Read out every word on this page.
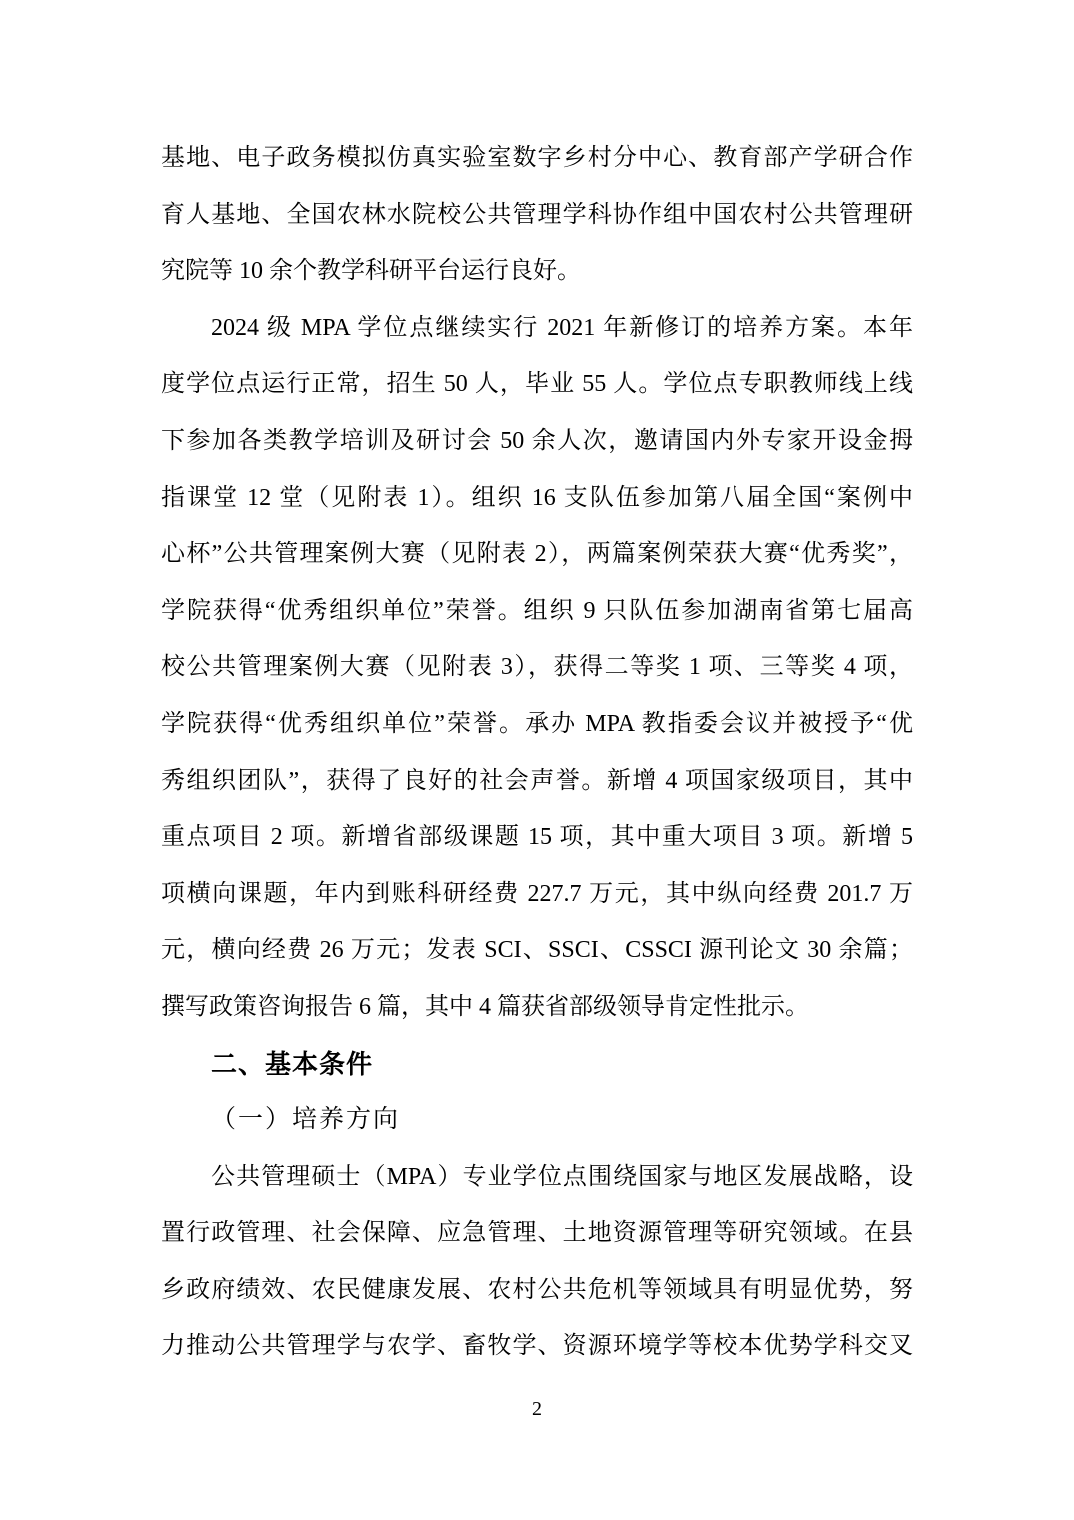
基地、电子政务模拟仿真实验室数字乡村分中心、教育部产学研合作
育人基地、全国农林水院校公共管理学科协作组中国农村公共管理研
究院等 10 余个教学科研平台运行良好。
2024 级 MPA 学位点继续实行 2021 年新修订的培养方案。本年
度学位点运行正常，招生 50 人，毕业 55 人。学位点专职教师线上线
下参加各类教学培训及研讨会 50 余人次，邀请国内外专家开设金拇
指课堂 12 堂（见附表 1）。组织 16 支队伍参加第八届全国“案例中
心杯”公共管理案例大赛（见附表 2），两篇案例荣获大赛“优秀奖”，
学院获得“优秀组织单位”荣誉。组织 9 只队伍参加湖南省第七届高
校公共管理案例大赛（见附表 3），获得二等奖 1 项、三等奖 4 项，
学院获得“优秀组织单位”荣誉。承办 MPA 教指委会议并被授予“优
秀组织团队”，获得了良好的社会声誉。新增 4 项国家级项目，其中
重点项目 2 项。新增省部级课题 15 项，其中重大项目 3 项。新增 5
项横向课题，年内到账科研经费 227.7 万元，其中纵向经费 201.7 万
元，横向经费 26 万元；发表 SCI、SSCI、CSSCI 源刊论文 30 余篇；
撰写政策咨询报告 6 篇，其中 4 篇获省部级领导肯定性批示。
二、基本条件
（一）培养方向
公共管理硕士（MPA）专业学位点围绕国家与地区发展战略，设
置行政管理、社会保障、应急管理、土地资源管理等研究领域。在县
乡政府绩效、农民健康发展、农村公共危机等领域具有明显优势，努
力推动公共管理学与农学、畜牧学、资源环境学等校本优势学科交叉
2
